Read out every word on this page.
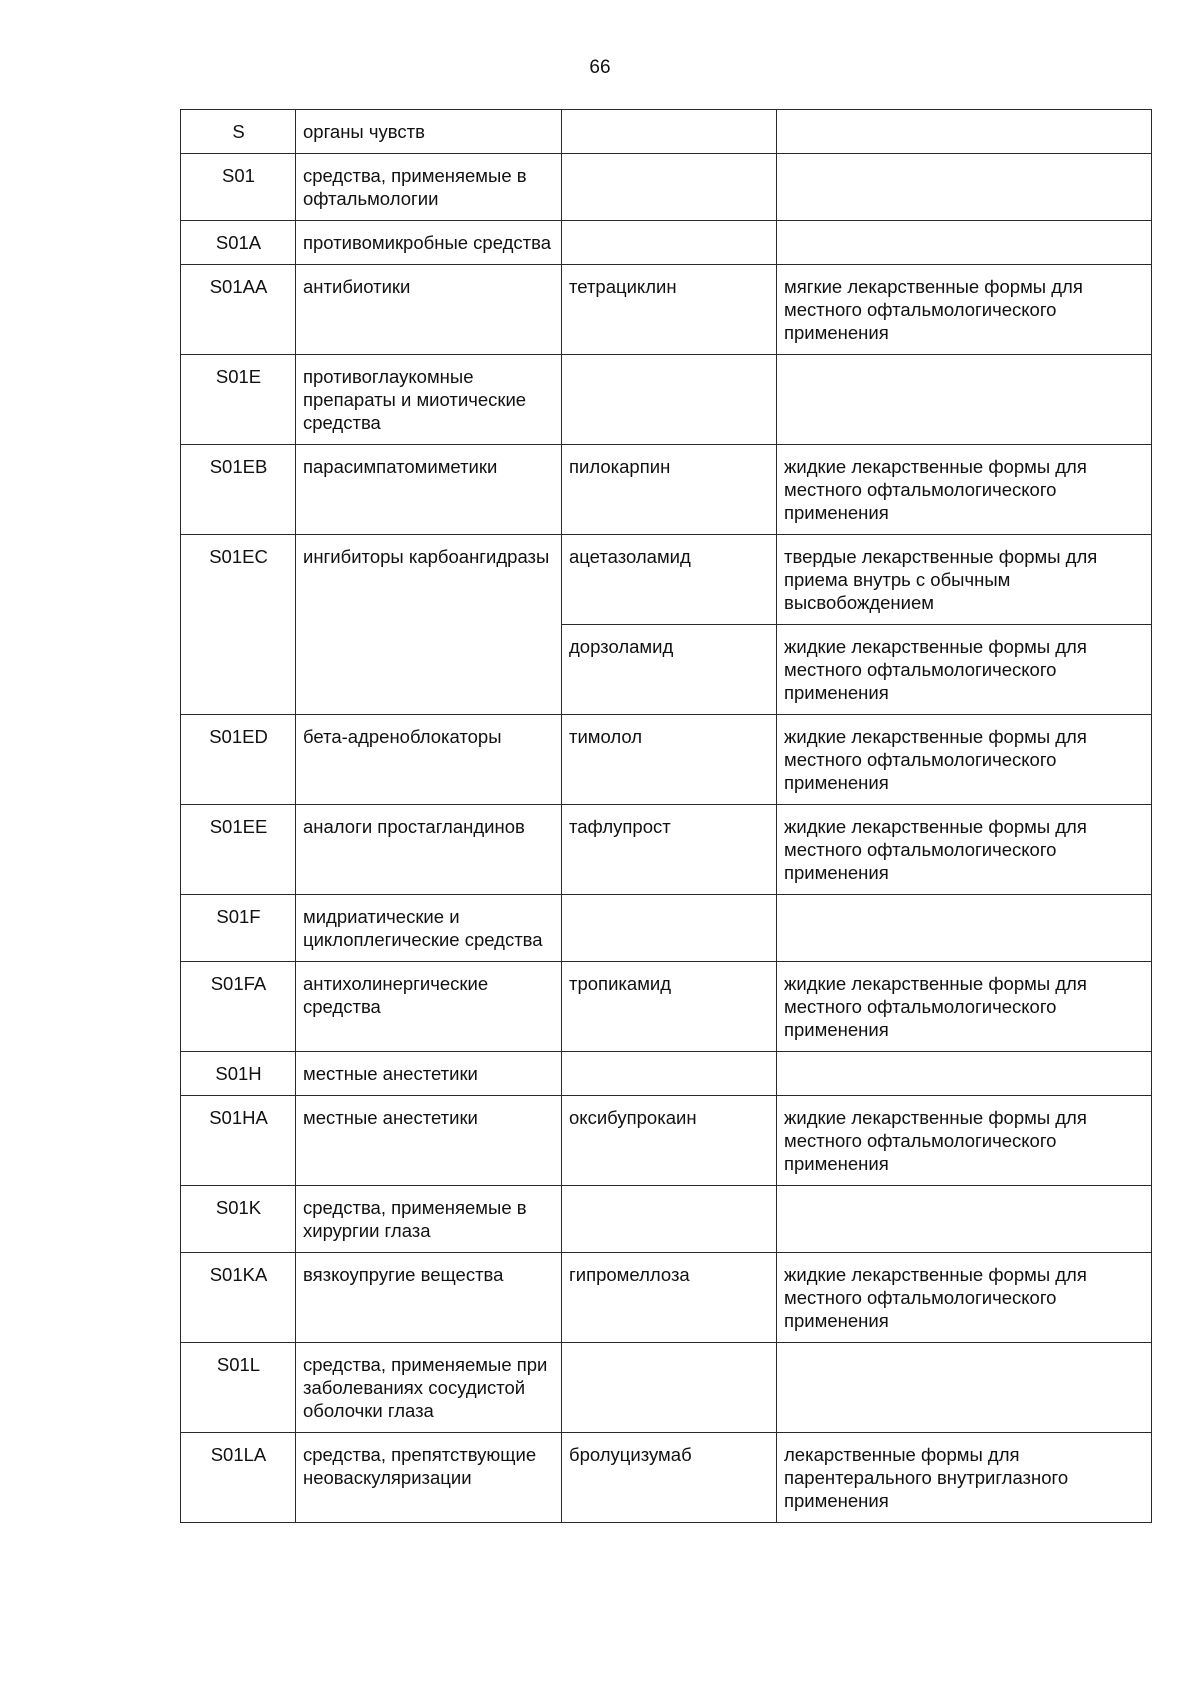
66
S	органы чувств		
S01	средства, применяемые в офтальмологии		
S01A	противомикробные средства		
S01AA	антибиотики	тетрациклин	мягкие лекарственные формы для местного офтальмологического применения
S01E	противоглаукомные препараты и миотические средства		
S01EB	парасимпатомиметики	пилокарпин	жидкие лекарственные формы для местного офтальмологического применения
S01EC	ингибиторы карбоангидразы	ацетазоламид	твердые лекарственные формы для приема внутрь с обычным высвобождением
		дорзоламид	жидкие лекарственные формы для местного офтальмологического применения
S01ED	бета-адреноблокаторы	тимолол	жидкие лекарственные формы для местного офтальмологического применения
S01EE	аналоги простагландинов	тафлупрост	жидкие лекарственные формы для местного офтальмологического применения
S01F	мидриатические и циклоплегические средства		
S01FA	антихолинергические средства	тропикамид	жидкие лекарственные формы для местного офтальмологического применения
S01H	местные анестетики		
S01HA	местные анестетики	оксибупрокаин	жидкие лекарственные формы для местного офтальмологического применения
S01K	средства, применяемые в хирургии глаза		
S01KA	вязкоупругие вещества	гипромеллоза	жидкие лекарственные формы для местного офтальмологического применения
S01L	средства, применяемые при заболеваниях сосудистой оболочки глаза		
S01LA	средства, препятствующие неоваскуляризации	бролуцизумаб	лекарственные формы для парентерального внутриглазного применения
